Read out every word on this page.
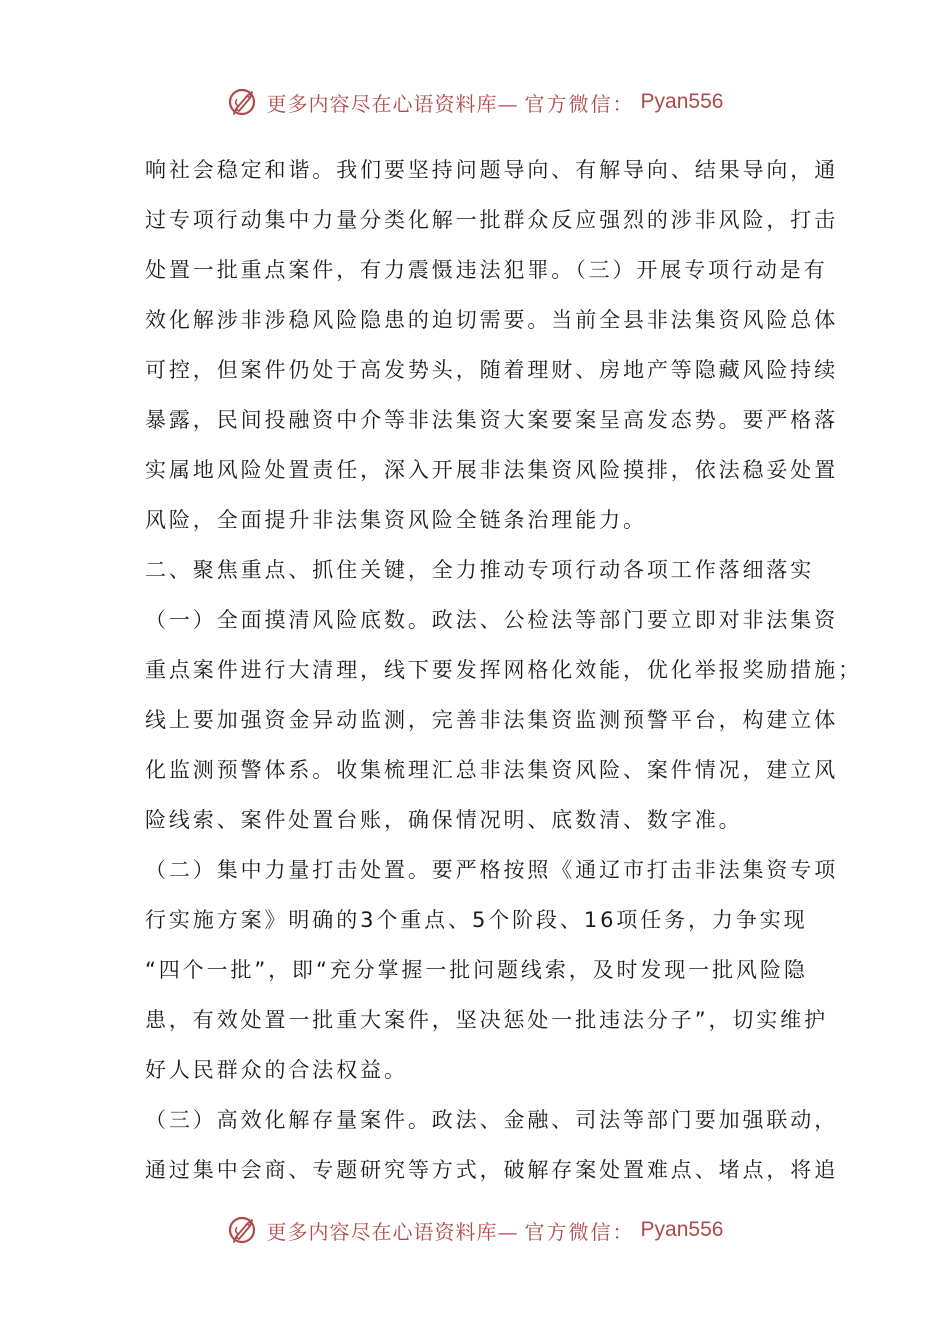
更多内容尽在心语资料库— 官方微信： Pyan556
响社会稳定和谐。我们要坚持问题导向、有解导向、结果导向，通
过专项行动集中力量分类化解一批群众反应强烈的涉非风险，打击
处置一批重点案件，有力震慑违法犯罪。（三）开展专项行动是有
效化解涉非涉稳风险隐患的迫切需要。当前全县非法集资风险总体
可控，但案件仍处于高发势头，随着理财、房地产等隐藏风险持续
暴露，民间投融资中介等非法集资大案要案呈高发态势。要严格落
实属地风险处置责任，深入开展非法集资风险摸排，依法稳妥处置
风险，全面提升非法集资风险全链条治理能力。
二、聚焦重点、抓住关键，全力推动专项行动各项工作落细落实
（一）全面摸清风险底数。政法、公检法等部门要立即对非法集资
重点案件进行大清理，线下要发挥网格化效能，优化举报奖励措施；
线上要加强资金异动监测，完善非法集资监测预警平台，构建立体
化监测预警体系。收集梳理汇总非法集资风险、案件情况，建立风
险线索、案件处置台账，确保情况明、底数清、数字准。
（二）集中力量打击处置。要严格按照《通辽市打击非法集资专项
行实施方案》明确的3个重点、5个阶段、16项任务，力争实现
“四个一批”，即“充分掌握一批问题线索，及时发现一批风险隐
患，有效处置一批重大案件，坚决惩处一批违法分子”，切实维护
好人民群众的合法权益。
（三）高效化解存量案件。政法、金融、司法等部门要加强联动，
通过集中会商、专题研究等方式，破解存案处置难点、堵点，将追
更多内容尽在心语资料库— 官方微信： Pyan556
